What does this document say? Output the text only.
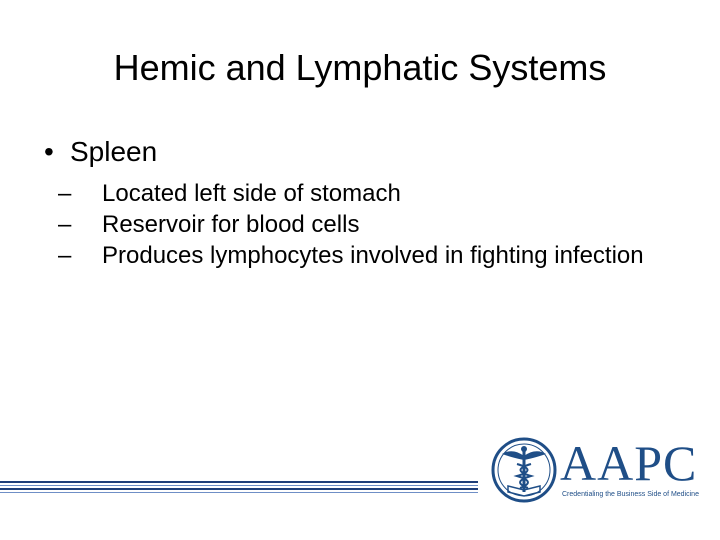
Hemic and Lymphatic Systems
• Spleen
– Located left side of stomach
– Reservoir for blood cells
– Produces lymphocytes involved in fighting infection
AAPC
Credentialing the Business Side of Medicine
